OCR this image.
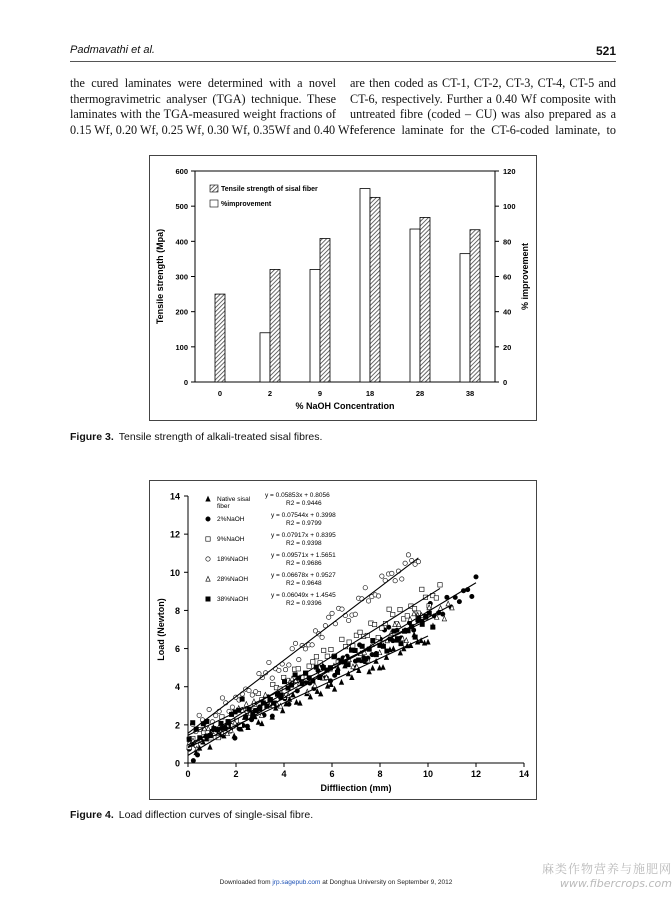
Padmavathi et al.	521
the cured laminates were determined with a novel
thermogravimetric analyser (TGA) technique. These
laminates with the TGA-measured weight fractions of
0.15 Wf, 0.20 Wf, 0.25 Wf, 0.30 Wf, 0.35Wf and 0.40 Wf
are then coded as CT-1, CT-2, CT-3, CT-4, CT-5 and
CT-6, respectively. Further a 0.40 Wf composite with
untreated fibre (coded – CU) was also prepared as a
reference laminate for the CT-6-coded laminate, to
0
100
200
300
400
500
600
0
20
40
60
80
100
120
0	2	9	18	28	38
Tensile strength of sisal fiber
%improvement
% NaOH Concentration
Tensile strength (Mpa)	% improvement
Figure 3. Tensile strength of alkali-treated sisal fibres.
0
2
4
6
8
10
12
14
0	2	4	6	8	10	12	14
Native sisal
fiber
y = 0.05853x + 0.8056
R2 = 0.9446
2%NaOH
y = 0.07544x + 0.3998
R2 = 0.9799
9%NaOH
y = 0.07917x + 0.8395
R2 = 0.9398
18%NaOH
y = 0.09571x + 1.5651
R2 = 0.9686
28%NaOH
y = 0.06678x + 0.9527
R2 = 0.9648
38%NaOH
y = 0.06049x + 1.4545
R2 = 0.9396
Diffliection (mm)
Load (Newton)
Figure 4. Load diflection curves of single-sisal fibre.
Downloaded from jrp.sagepub.com at Donghua University on September 9, 2012
麻类作物营养与施肥网
www.fibercrops.com
